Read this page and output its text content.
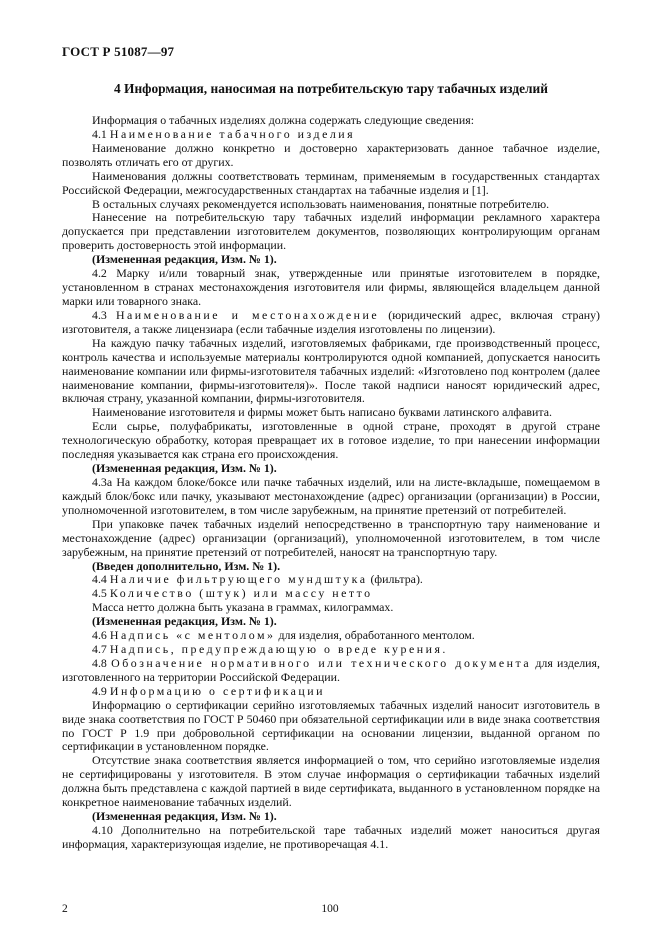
ГОСТ Р 51087—97
4 Информация, наносимая на потребительскую тару табачных изделий

Информация о табачных изделиях должна содержать следующие сведения:

4.1 Наименование табачного изделия

Наименование должно конкретно и достоверно характеризовать данное табачное изделие, позволять отличать его от других.

Наименования должны соответствовать терминам, применяемым в государственных стандартах Российской Федерации, межгосударственных стандартах на табачные изделия и [1].

В остальных случаях рекомендуется использовать наименования, понятные потребителю.

Нанесение на потребительскую тару табачных изделий информации рекламного характера допускается при представлении изготовителем документов, позволяющих контролирующим органам проверить достоверность этой информации.

(Измененная редакция, Изм. № 1).

4.2 Марку и/или товарный знак, утвержденные или принятые изготовителем в порядке, установленном в странах местонахождения изготовителя или фирмы, являющейся владельцем данной марки или товарного знака.

4.3 Наименование и местонахождение (юридический адрес, включая страну) изготовителя, а также лицензиара (если табачные изделия изготовлены по лицензии).

На каждую пачку табачных изделий, изготовляемых фабриками, где производственный процесс, контроль качества и используемые материалы контролируются одной компанией, допускается наносить наименование компании или фирмы-изготовителя табачных изделий: «Изготовлено под контролем (далее наименование компании, фирмы-изготовителя)». После такой надписи наносят юридический адрес, включая страну, указанной компании, фирмы-изготовителя.

Наименование изготовителя и фирмы может быть написано буквами латинского алфавита.

Если сырье, полуфабрикаты, изготовленные в одной стране, проходят в другой стране технологическую обработку, которая превращает их в готовое изделие, то при нанесении информации последняя указывается как страна его происхождения.

(Измененная редакция, Изм. № 1).

4.3а На каждом блоке/боксе или пачке табачных изделий, или на листе-вкладыше, помещаемом в каждый блок/бокс или пачку, указывают местонахождение (адрес) организации (организации) в России, уполномоченной изготовителем, в том числе зарубежным, на принятие претензий от потребителей.

При упаковке пачек табачных изделий непосредственно в транспортную тару наименование и местонахождение (адрес) организации (организаций), уполномоченной изготовителем, в том числе зарубежным, на принятие претензий от потребителей, наносят на транспортную тару.

(Введен дополнительно, Изм. № 1).

4.4 Наличие фильтрующего мундштука (фильтра).

4.5 Количество (штук) или массу нетто

Масса нетто должна быть указана в граммах, килограммах.

(Измененная редакция, Изм. № 1).

4.6 Надпись «с ментолом» для изделия, обработанного ментолом.

4.7 Надпись, предупреждающую о вреде курения.

4.8 Обозначение нормативного или технического документа для изделия, изготовленного на территории Российской Федерации.

4.9 Информацию о сертификации

Информацию о сертификации серийно изготовляемых табачных изделий наносит изготовитель в виде знака соответствия по ГОСТ Р 50460 при обязательной сертификации или в виде знака соответствия по ГОСТ Р 1.9 при добровольной сертификации на основании лицензии, выданной органом по сертификации в установленном порядке.

Отсутствие знака соответствия является информацией о том, что серийно изготовляемые изделия не сертифицированы у изготовителя. В этом случае информация о сертификации табачных изделий должна быть представлена с каждой партией в виде сертификата, выданного в установленном порядке на конкретное наименование табачных изделий.

(Измененная редакция, Изм. № 1).

4.10 Дополнительно на потребительской таре табачных изделий может наноситься другая информация, характеризующая изделие, не противоречащая 4.1.

2	100
